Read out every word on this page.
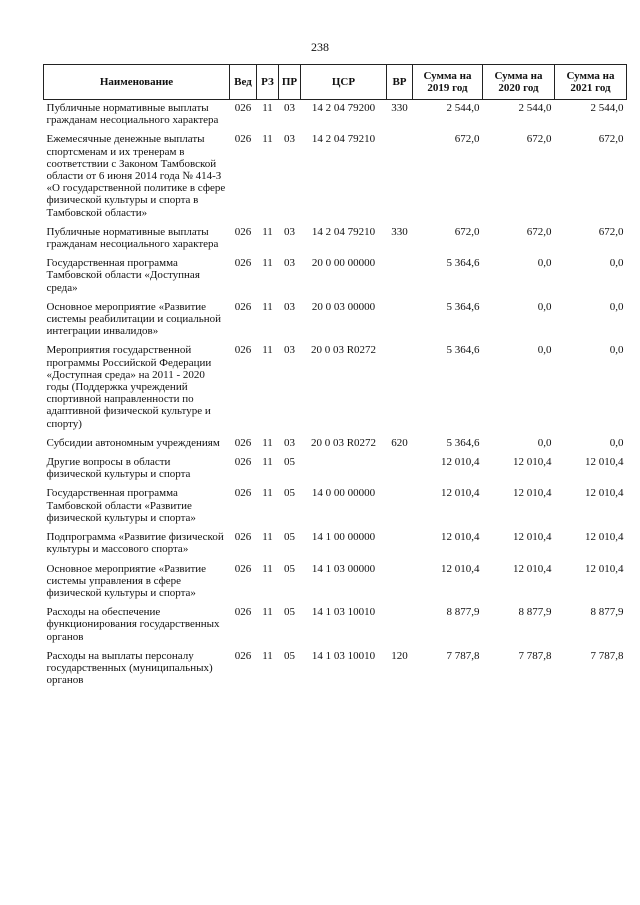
238
Наименование	Вед	РЗ	ПР	ЦСР	ВР	Сумма на 2019 год	Сумма на 2020 год	Сумма на 2021 год
Публичные нормативные выплаты гражданам несоциального характера	026	11	03	14 2 04 79200	330	2 544,0	2 544,0	2 544,0
Ежемесячные денежные выплаты спортсменам и их тренерам в соответствии с Законом Тамбовской области от 6 июня 2014 года № 414-З «О государственной политике в сфере физической культуры и спорта в Тамбовской области»	026	11	03	14 2 04 79210		672,0	672,0	672,0
Публичные нормативные выплаты гражданам несоциального характера	026	11	03	14 2 04 79210	330	672,0	672,0	672,0
Государственная программа Тамбовской области «Доступная среда»	026	11	03	20 0 00 00000		5 364,6	0,0	0,0
Основное мероприятие «Развитие системы реабилитации и социальной интеграции инвалидов»	026	11	03	20 0 03 00000		5 364,6	0,0	0,0
Мероприятия государственной программы Российской Федерации «Доступная среда» на 2011 - 2020 годы (Поддержка учреждений спортивной направленности по адаптивной физической культуре и спорту)	026	11	03	20 0 03 R0272		5 364,6	0,0	0,0
Субсидии автономным учреждениям	026	11	03	20 0 03 R0272	620	5 364,6	0,0	0,0
Другие вопросы в области физической культуры и спорта	026	11	05			12 010,4	12 010,4	12 010,4
Государственная программа Тамбовской области «Развитие физической культуры и спорта»	026	11	05	14 0 00 00000		12 010,4	12 010,4	12 010,4
Подпрограмма «Развитие физической культуры и массового спорта»	026	11	05	14 1 00 00000		12 010,4	12 010,4	12 010,4
Основное мероприятие «Развитие системы управления в сфере физической культуры и спорта»	026	11	05	14 1 03 00000		12 010,4	12 010,4	12 010,4
Расходы на обеспечение функционирования государственных органов	026	11	05	14 1 03 10010		8 877,9	8 877,9	8 877,9
Расходы на выплаты персоналу государственных (муниципальных) органов	026	11	05	14 1 03 10010	120	7 787,8	7 787,8	7 787,8
